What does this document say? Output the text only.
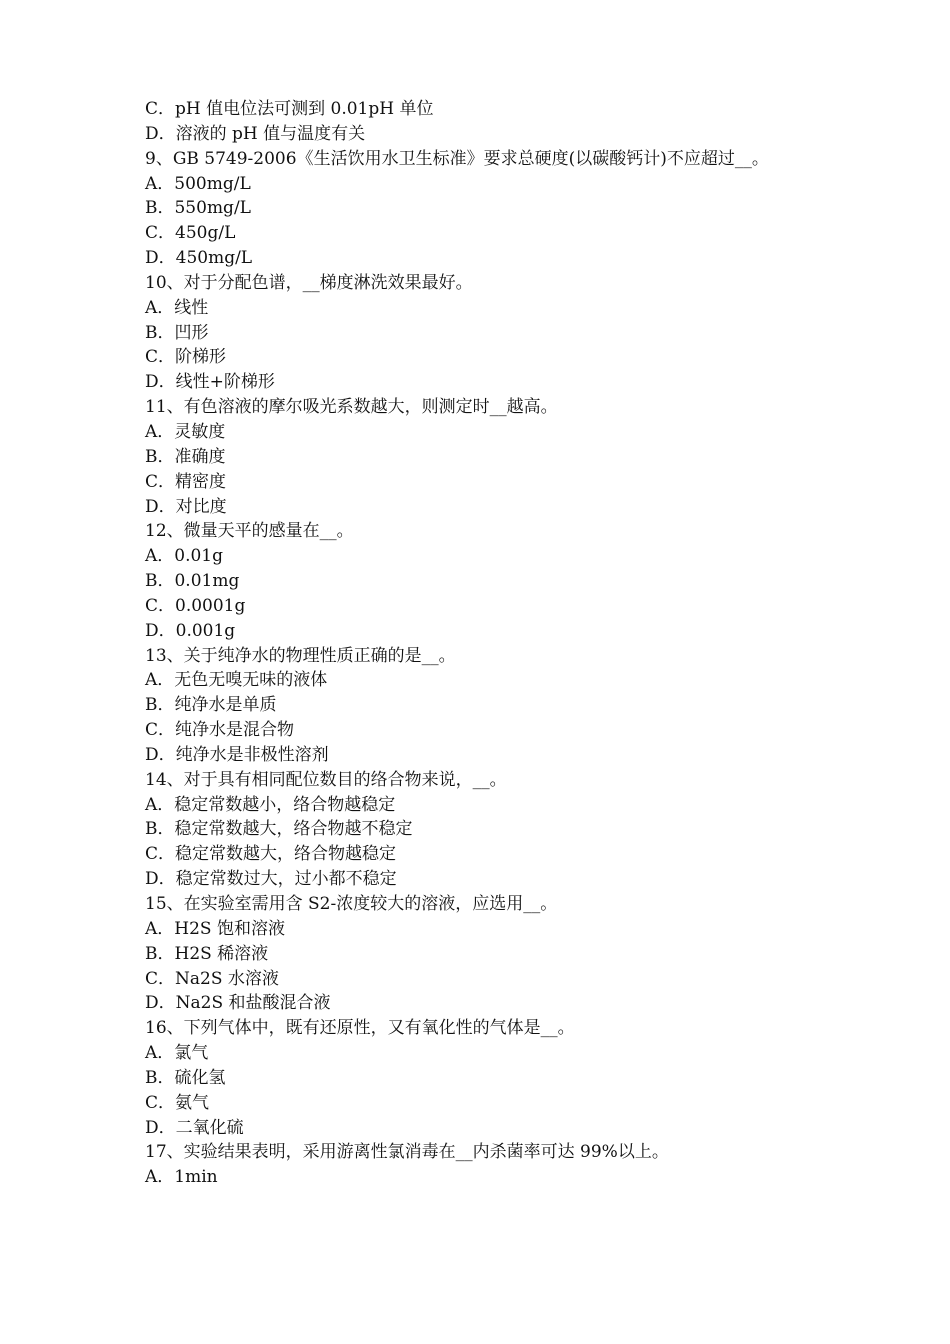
C．pH 值电位法可测到 0.01pH 单位
D．溶液的 pH 值与温度有关
9、GB 5749-2006《生活饮用水卫生标准》要求总硬度(以碳酸钙计)不应超过__。
A．500mg/L
B．550mg/L
C．450g/L
D．450mg/L
10、对于分配色谱，__梯度淋洗效果最好。
A．线性
B．凹形
C．阶梯形
D．线性+阶梯形
11、有色溶液的摩尔吸光系数越大，则测定时__越高。
A．灵敏度
B．准确度
C．精密度
D．对比度
12、微量天平的感量在__。
A．0.01g
B．0.01mg
C．0.0001g
D．0.001g
13、关于纯净水的物理性质正确的是__。
A．无色无嗅无味的液体
B．纯净水是单质
C．纯净水是混合物
D．纯净水是非极性溶剂
14、对于具有相同配位数目的络合物来说，__。
A．稳定常数越小，络合物越稳定
B．稳定常数越大，络合物越不稳定
C．稳定常数越大，络合物越稳定
D．稳定常数过大，过小都不稳定
15、在实验室需用含 S2-浓度较大的溶液，应选用__。
A．H2S 饱和溶液
B．H2S 稀溶液
C．Na2S 水溶液
D．Na2S 和盐酸混合液
16、下列气体中，既有还原性，又有氧化性的气体是__。
A．氯气
B．硫化氢
C．氨气
D．二氧化硫
17、实验结果表明，采用游离性氯消毒在__内杀菌率可达 99%以上。
A．1min
